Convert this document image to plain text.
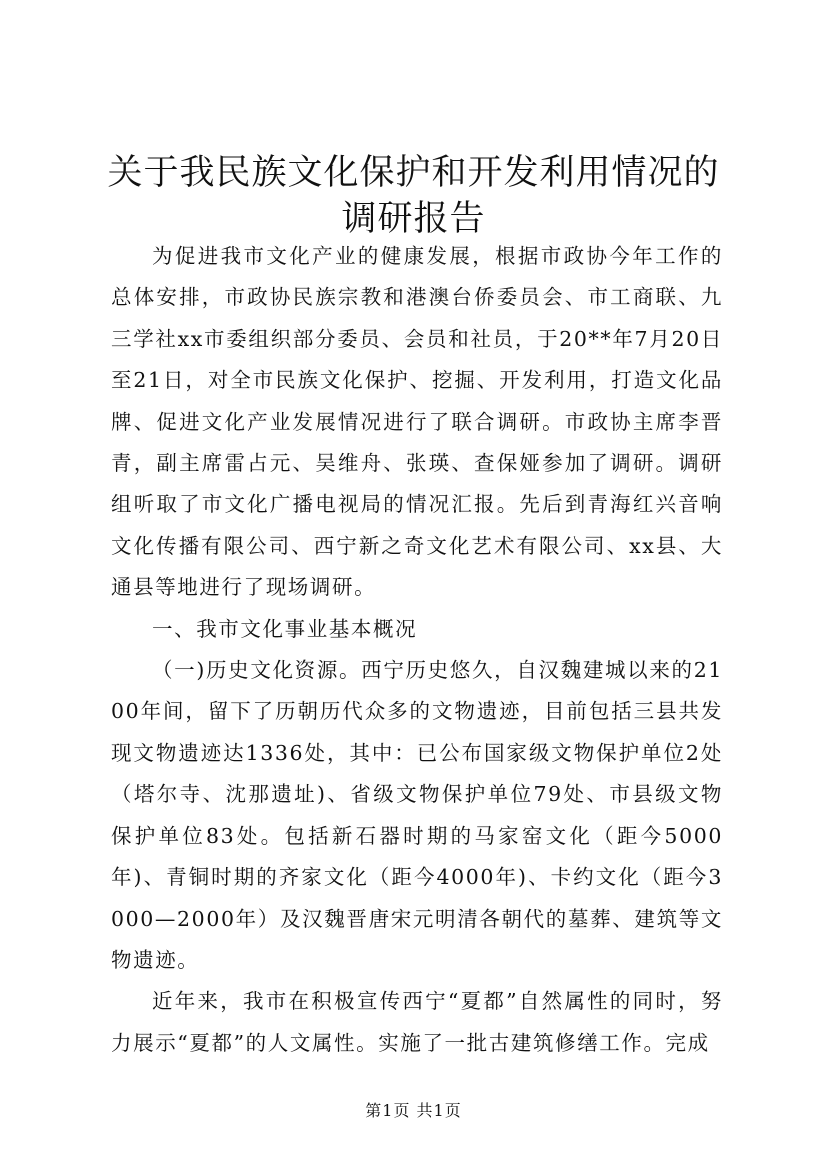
关于我民族文化保护和开发利用情况的调研报告

为促进我市文化产业的健康发展，根据市政协今年工作的总体安排，市政协民族宗教和港澳台侨委员会、市工商联、九三学社xx市委组织部分委员、会员和社员，于20**年7月20日至21日，对全市民族文化保护、挖掘、开发利用，打造文化品牌、促进文化产业发展情况进行了联合调研。市政协主席李晋青，副主席雷占元、吴维舟、张瑛、查保娅参加了调研。调研组听取了市文化广播电视局的情况汇报。先后到青海红兴音响文化传播有限公司、西宁新之奇文化艺术有限公司、xx县、大通县等地进行了现场调研。

一、我市文化事业基本概况

（一)历史文化资源。西宁历史悠久，自汉魏建城以来的2100年间，留下了历朝历代众多的文物遗迹，目前包括三县共发现文物遗迹达1336处，其中：已公布国家级文物保护单位2处（塔尔寺、沈那遗址)、省级文物保护单位79处、市县级文物保护单位83处。包括新石器时期的马家窑文化（距今5000年)、青铜时期的齐家文化（距今4000年)、卡约文化（距今3000—2000年）及汉魏晋唐宋元明清各朝代的墓葬、建筑等文物遗迹。

近年来，我市在积极宣传西宁“夏都”自然属性的同时，努力展示“夏都”的人文属性。实施了一批古建筑修缮工作。完成

第1页 共1页
